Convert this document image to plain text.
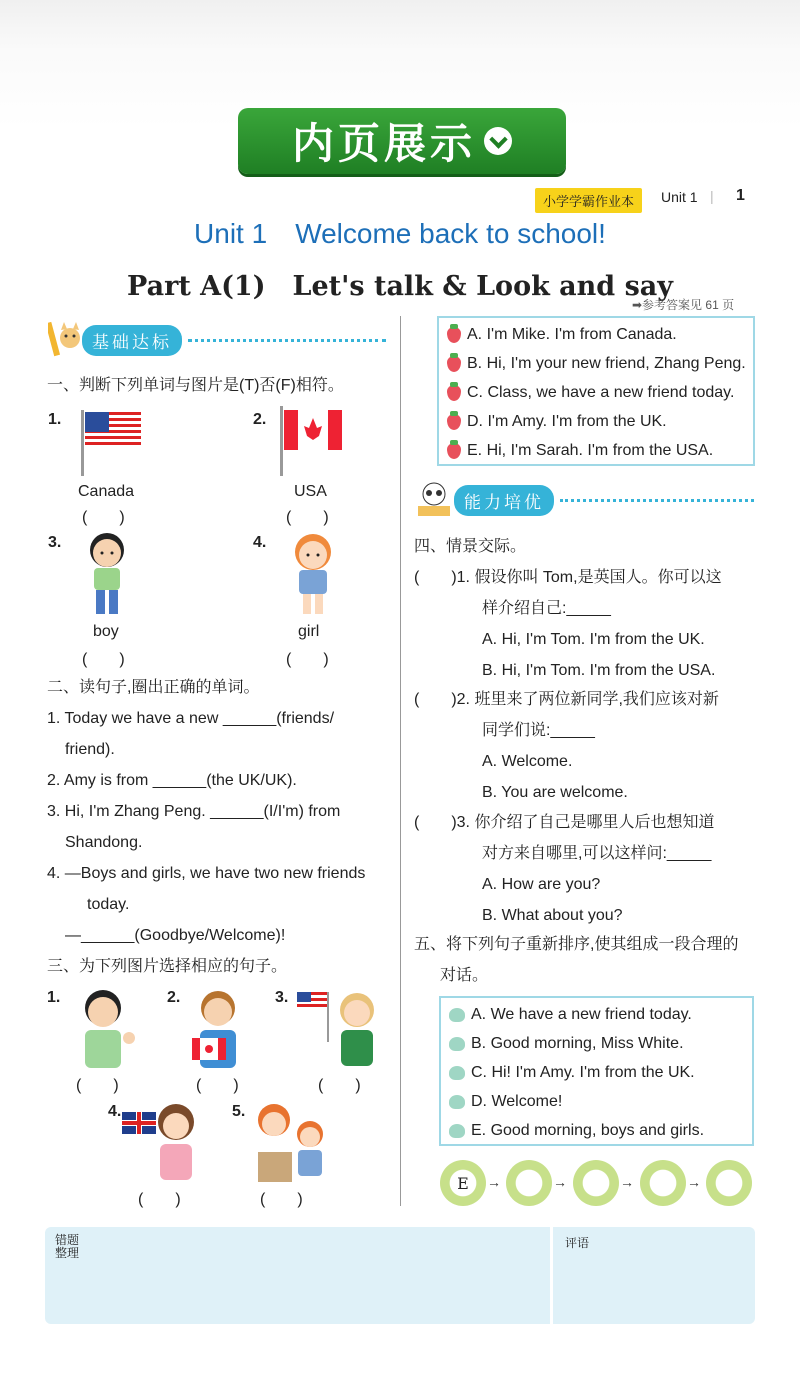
内页展示
小学学霸作业本	Unit 1 | 1
Unit 1　Welcome back to school!
Part A(1)　Let's talk & Look and say
➡参考答案见 61 页
基础达标
一、判断下列单词与图片是(T)否(F)相符。
1.
Canada
(　　)
2.
USA
(　　)
3.
boy
(　　)
4.
girl
(　　)
二、读句子,圈出正确的单词。
1. Today we have a new ______(friends/
friend).
2. Amy is from ______(the UK/UK).
3. Hi, I'm Zhang Peng. ______(I/I'm) from
Shandong.
4. —Boys and girls, we have two new friends
today.
—______(Goodbye/Welcome)!
三、为下列图片选择相应的句子。
1.
(　　)
2.
(　　)
3.
(　　)
4.
(　　)
5.
(　　)
A. I'm Mike. I'm from Canada.
B. Hi, I'm your new friend, Zhang Peng.
C. Class, we have a new friend today.
D. I'm Amy. I'm from the UK.
E. Hi, I'm Sarah. I'm from the USA.
能力培优
四、情景交际。
(　　)1. 假设你叫 Tom,是英国人。你可以这
样介绍自己:_____
A. Hi, I'm Tom. I'm from the UK.
B. Hi, I'm Tom. I'm from the USA.
(　　)2. 班里来了两位新同学,我们应该对新
同学们说:_____
A. Welcome.
B. You are welcome.
(　　)3. 你介绍了自己是哪里人后也想知道
对方来自哪里,可以这样问:_____
A. How are you?
B. What about you?
五、将下列句子重新排序,使其组成一段合理的
对话。
A. We have a new friend today.
B. Good morning, Miss White.
C. Hi! I'm Amy. I'm from the UK.
D. Welcome!
E. Good morning, boys and girls.
E	→	→	→	→
错题
整理
评语
